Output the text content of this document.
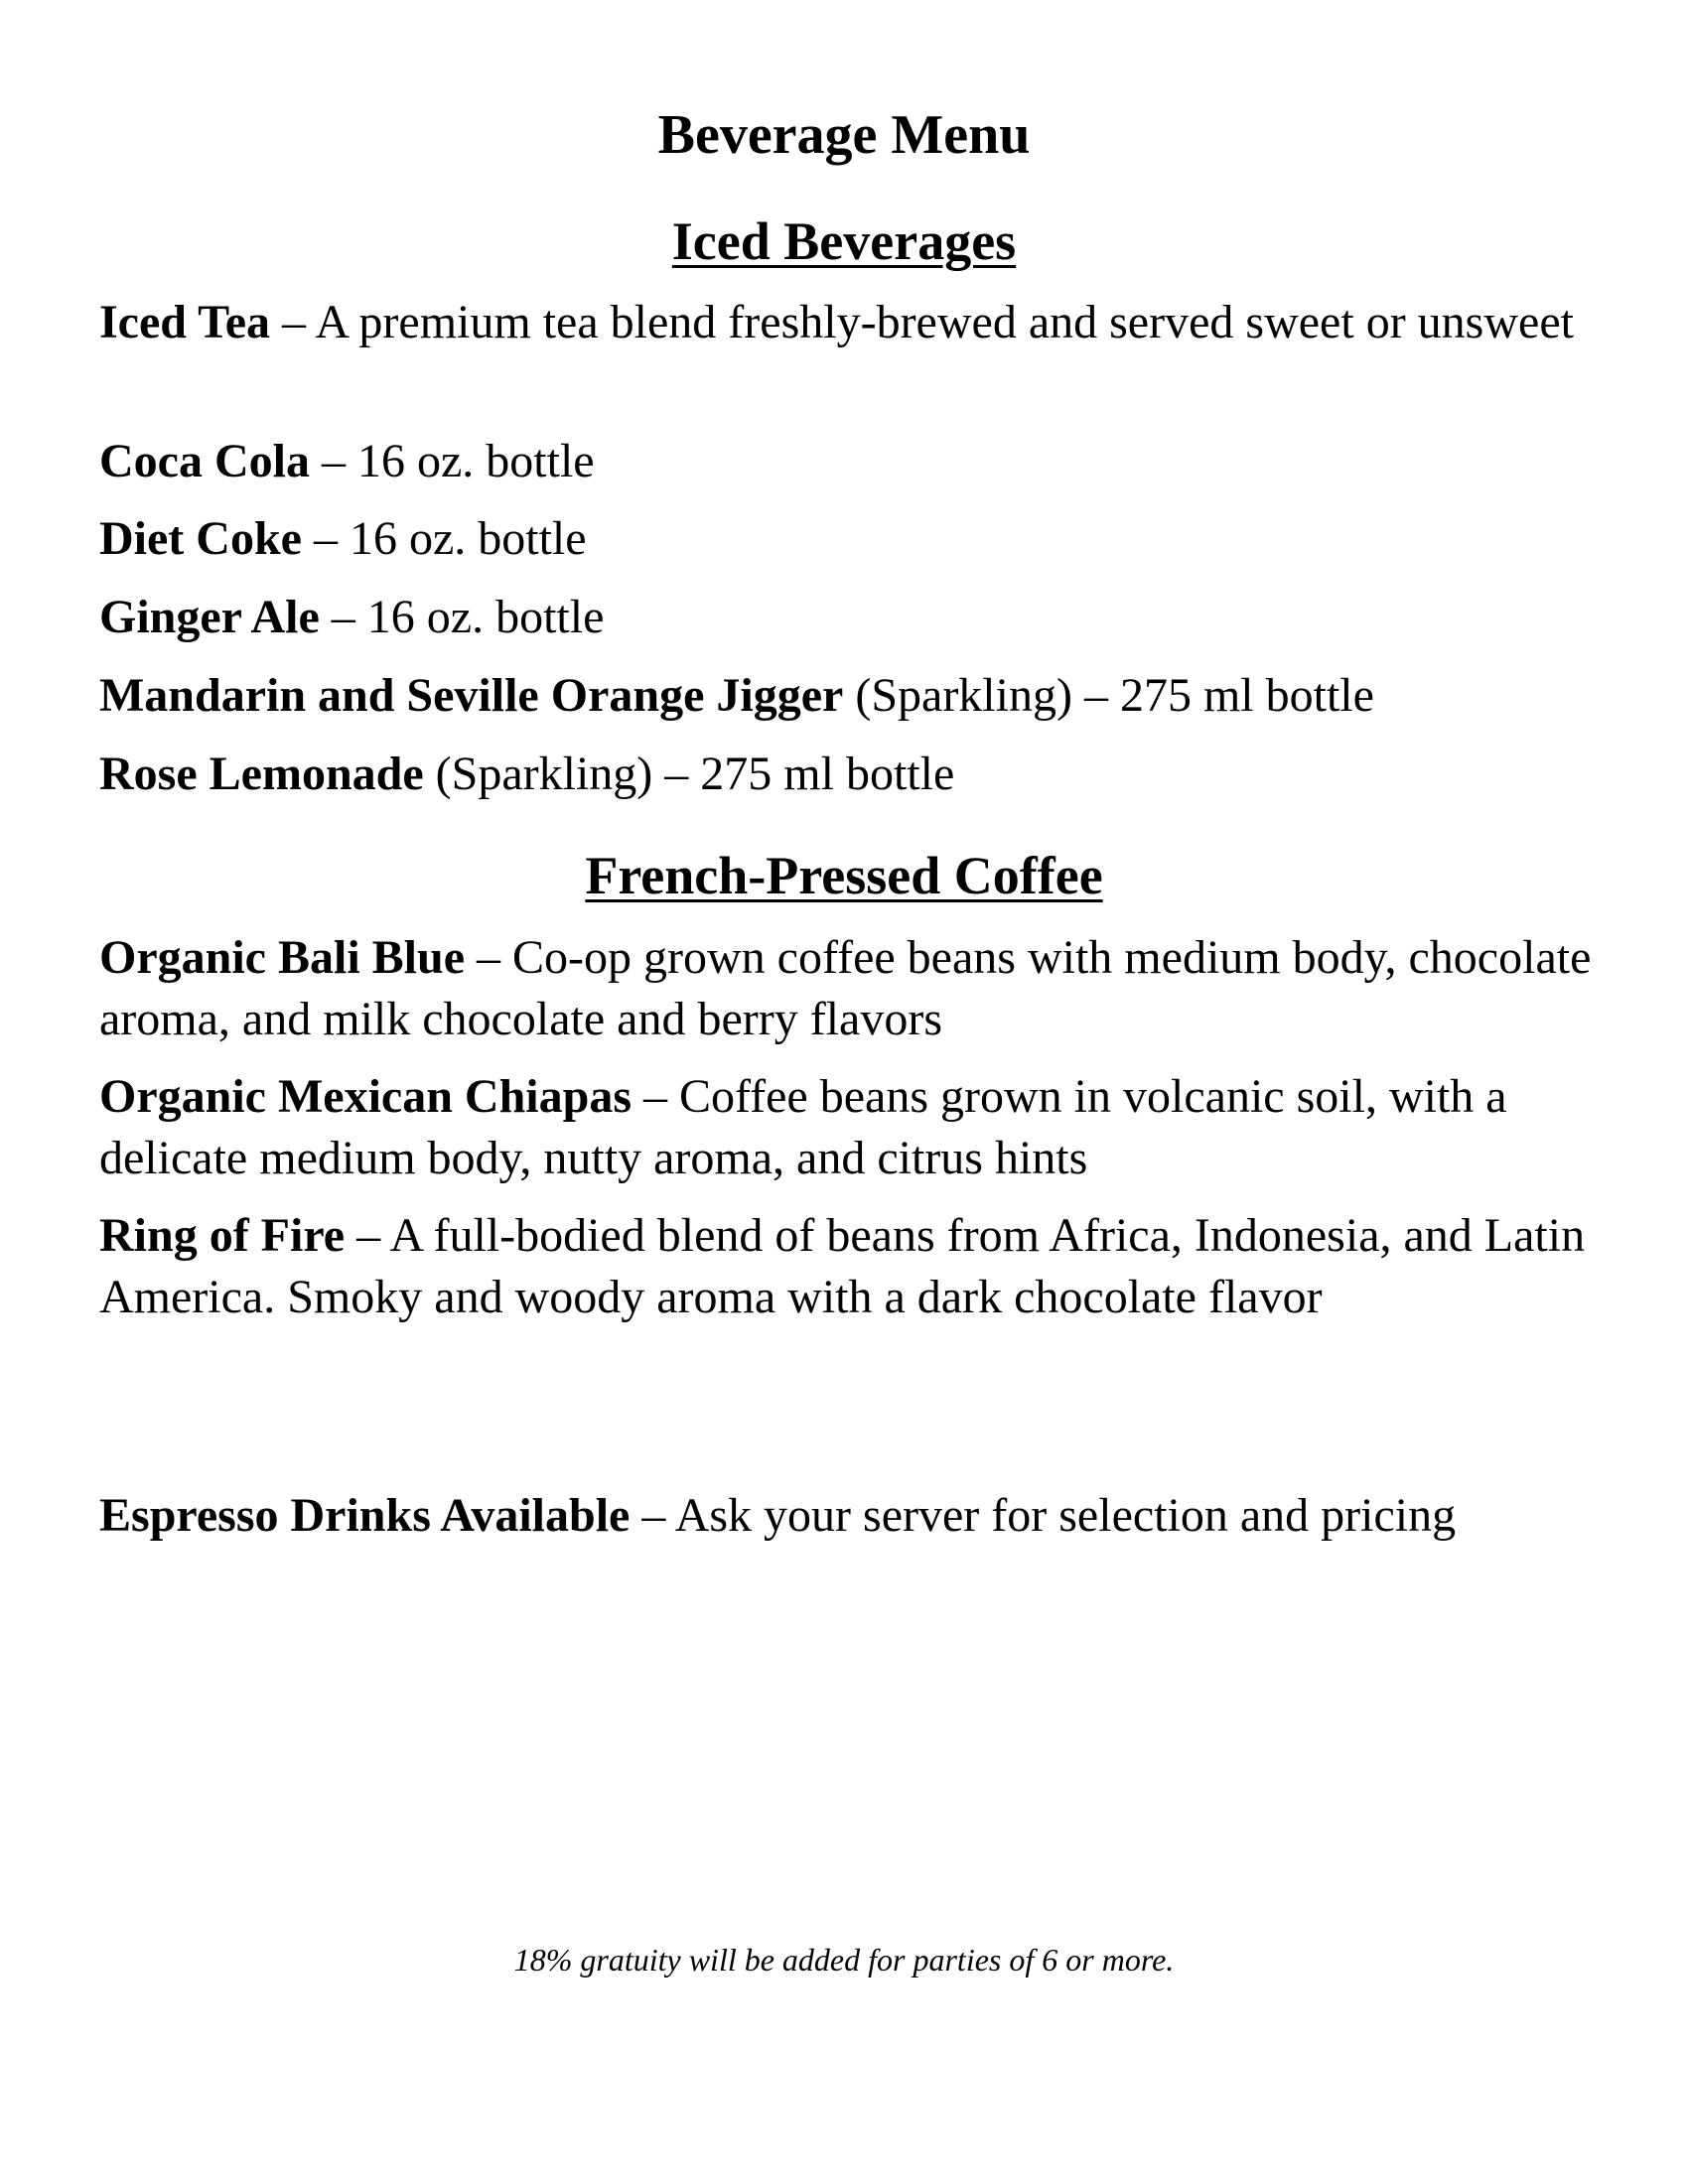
Beverage Menu
Iced Beverages

Iced Tea – A premium tea blend freshly-brewed and served sweet or unsweet

Coca Cola – 16 oz. bottle

Diet Coke – 16 oz. bottle

Ginger Ale – 16 oz. bottle

Mandarin and Seville Orange Jigger (Sparkling) – 275 ml bottle

Rose Lemonade (Sparkling) – 275 ml bottle

French-Pressed Coffee

Organic Bali Blue – Co-op grown coffee beans with medium body, chocolate aroma, and milk chocolate and berry flavors

Organic Mexican Chiapas – Coffee beans grown in volcanic soil, with a delicate medium body, nutty aroma, and citrus hints

Ring of Fire – A full-bodied blend of beans from Africa, Indonesia, and Latin America. Smoky and woody aroma with a dark chocolate flavor

Espresso Drinks Available – Ask your server for selection and pricing

18% gratuity will be added for parties of 6 or more.
